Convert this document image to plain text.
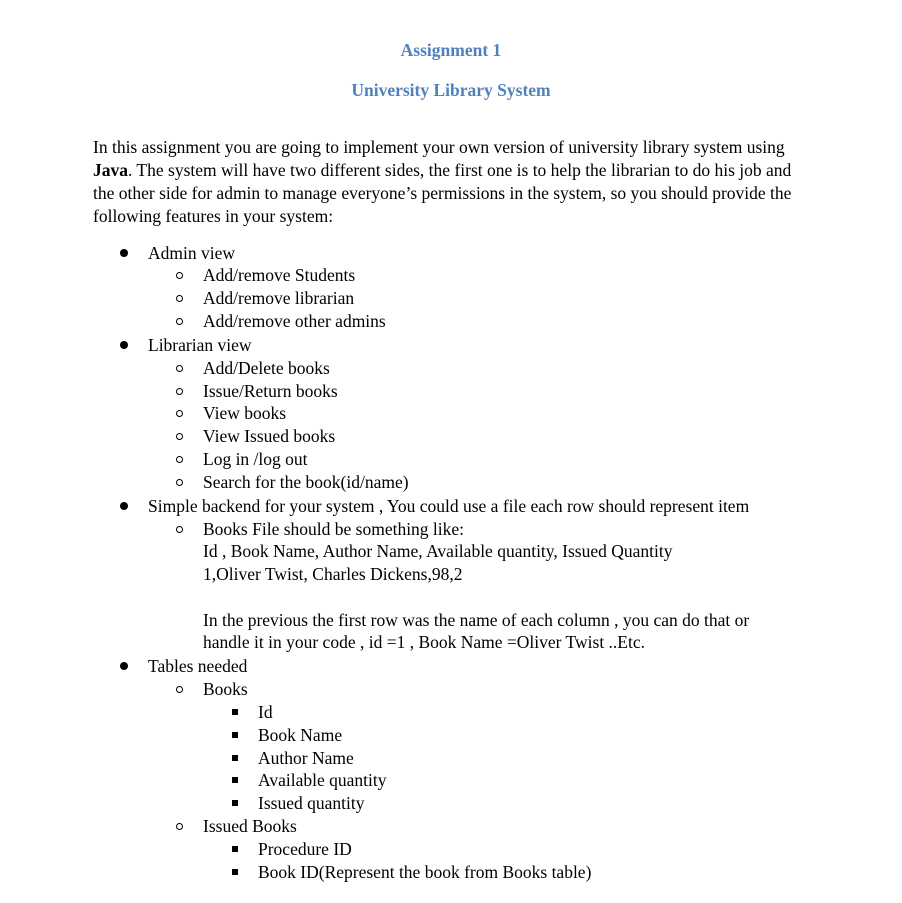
Assignment 1
University Library System

In this assignment you are going to implement your own version of university library system using Java. The system will have two different sides, the first one is to help the librarian to do his job and the other side for admin to manage everyone’s permissions in the system, so you should provide the following features in your system:

Admin view

Add/remove Students

Add/remove librarian

Add/remove other admins

Librarian view

Add/Delete books

Issue/Return books

View books

View Issued books

Log in /log out

Search for the book(id/name)

Simple backend for your system , You could use a file each row should represent item

Books File should be something like:

Id , Book Name, Author Name, Available quantity, Issued Quantity

1,Oliver Twist, Charles Dickens,98,2

In the previous the first row was the name of each column , you can do that or

handle it in your code , id =1 , Book Name =Oliver Twist ..Etc.

Tables needed

Books

Id

Book Name

Author Name

Available quantity

Issued quantity

Issued Books

Procedure ID

Book ID(Represent the book from Books table)
